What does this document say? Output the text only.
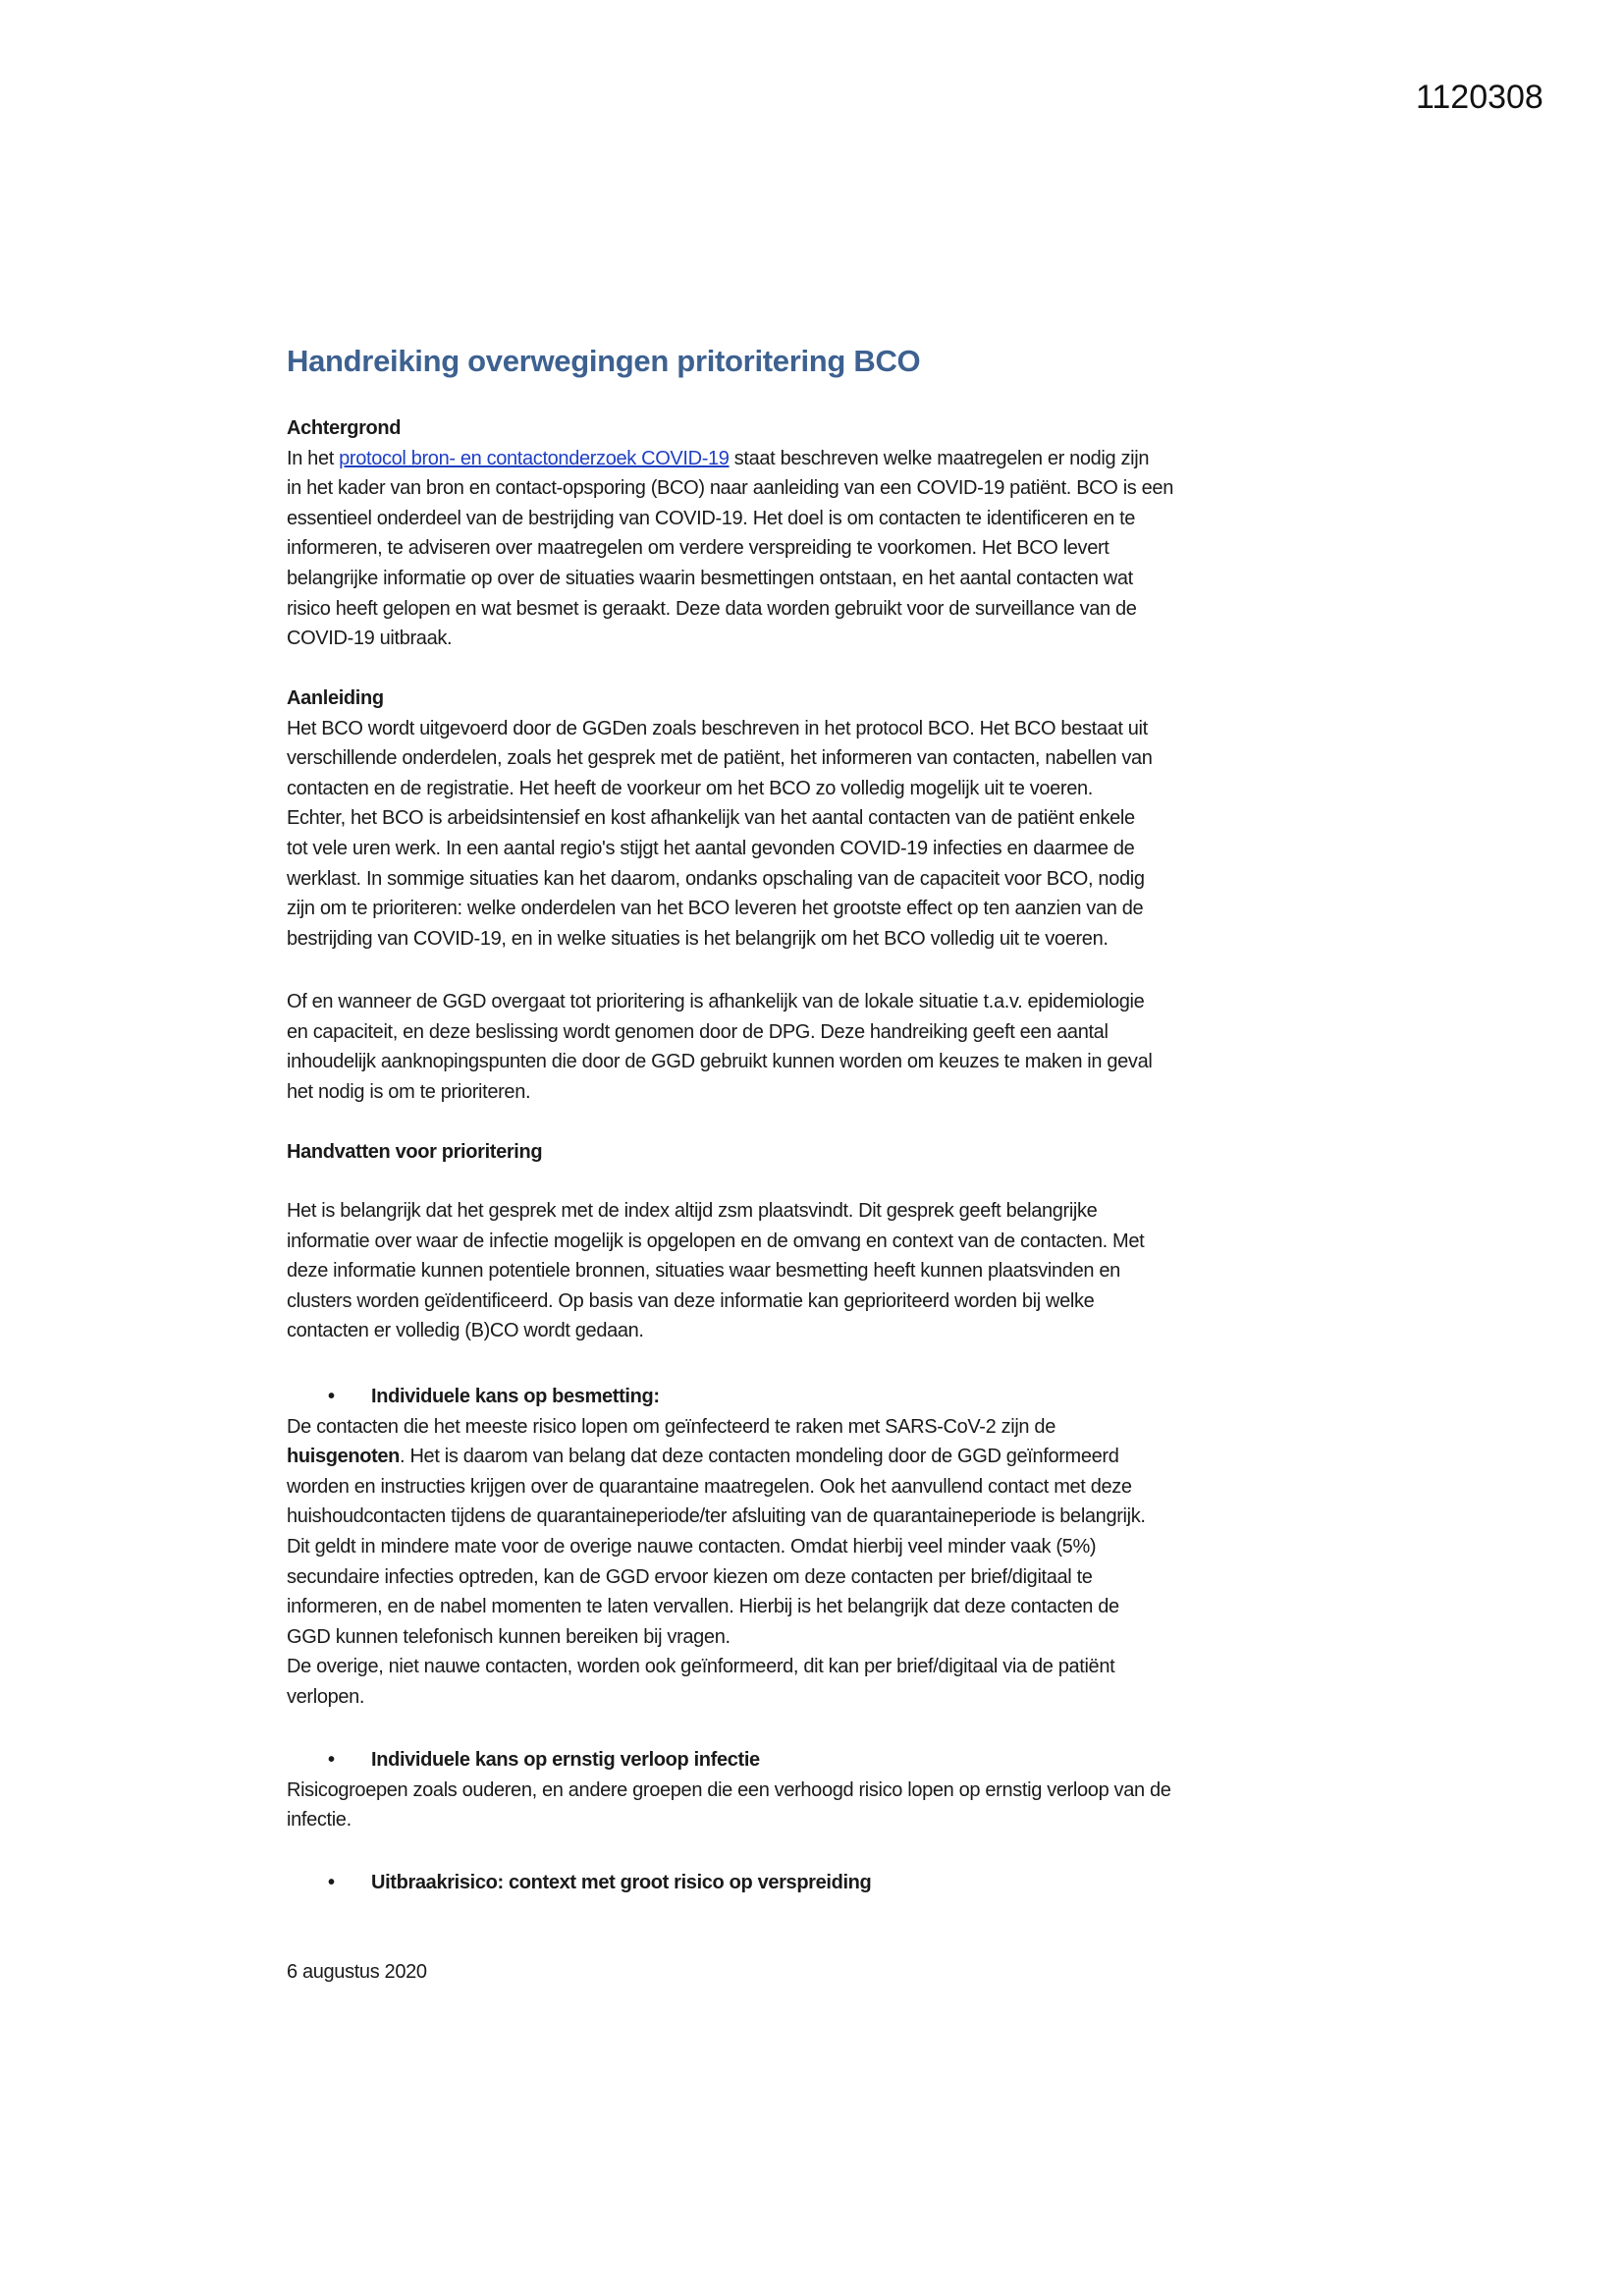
1120308
Handreiking overwegingen pritoritering BCO
Achtergrond
In het protocol bron- en contactonderzoek COVID-19 staat beschreven welke maatregelen er nodig zijn
in het kader van bron en contact-opsporing (BCO) naar aanleiding van een COVID-19 patiënt. BCO is een
essentieel onderdeel van de bestrijding van COVID-19. Het doel is om contacten te identificeren en te
informeren, te adviseren over maatregelen om verdere verspreiding te voorkomen. Het BCO levert
belangrijke informatie op over de situaties waarin besmettingen ontstaan, en het aantal contacten wat
risico heeft gelopen en wat besmet is geraakt. Deze data worden gebruikt voor de surveillance van de
COVID-19 uitbraak.
Aanleiding
Het BCO wordt uitgevoerd door de GGDen zoals beschreven in het protocol BCO. Het BCO bestaat uit
verschillende onderdelen, zoals het gesprek met de patiënt, het informeren van contacten, nabellen van
contacten en de registratie. Het heeft de voorkeur om het BCO zo volledig mogelijk uit te voeren.
Echter, het BCO is arbeidsintensief en kost afhankelijk van het aantal contacten van de patiënt enkele
tot vele uren werk. In een aantal regio's stijgt het aantal gevonden COVID-19 infecties en daarmee de
werklast. In sommige situaties kan het daarom, ondanks opschaling van de capaciteit voor BCO, nodig
zijn om te prioriteren: welke onderdelen van het BCO leveren het grootste effect op ten aanzien van de
bestrijding van COVID-19, en in welke situaties is het belangrijk om het BCO volledig uit te voeren.
Of en wanneer de GGD overgaat tot prioritering is afhankelijk van de lokale situatie t.a.v. epidemiologie
en capaciteit, en deze beslissing wordt genomen door de DPG. Deze handreiking geeft een aantal
inhoudelijk aanknopingspunten die door de GGD gebruikt kunnen worden om keuzes te maken in geval
het nodig is om te prioriteren.
Handvatten voor prioritering
Het is belangrijk dat het gesprek met de index altijd zsm plaatsvindt. Dit gesprek geeft belangrijke
informatie over waar de infectie mogelijk is opgelopen en de omvang en context van de contacten. Met
deze informatie kunnen potentiele bronnen, situaties waar besmetting heeft kunnen plaatsvinden en
clusters worden geïdentificeerd. Op basis van deze informatie kan geprioriteerd worden bij welke
contacten er volledig (B)CO wordt gedaan.
• Individuele kans op besmetting:
De contacten die het meeste risico lopen om geïnfecteerd te raken met SARS-CoV-2 zijn de
huisgenoten. Het is daarom van belang dat deze contacten mondeling door de GGD geïnformeerd
worden en instructies krijgen over de quarantaine maatregelen. Ook het aanvullend contact met deze
huishoudcontacten tijdens de quarantaineperiode/ter afsluiting van de quarantaineperiode is belangrijk.
Dit geldt in mindere mate voor de overige nauwe contacten. Omdat hierbij veel minder vaak (5%)
secundaire infecties optreden, kan de GGD ervoor kiezen om deze contacten per brief/digitaal te
informeren, en de nabel momenten te laten vervallen. Hierbij is het belangrijk dat deze contacten de
GGD kunnen telefonisch kunnen bereiken bij vragen.
De overige, niet nauwe contacten, worden ook geïnformeerd, dit kan per brief/digitaal via de patiënt
verlopen.
• Individuele kans op ernstig verloop infectie
Risicogroepen zoals ouderen, en andere groepen die een verhoogd risico lopen op ernstig verloop van de
infectie.
• Uitbraakrisico: context met groot risico op verspreiding
6 augustus 2020
